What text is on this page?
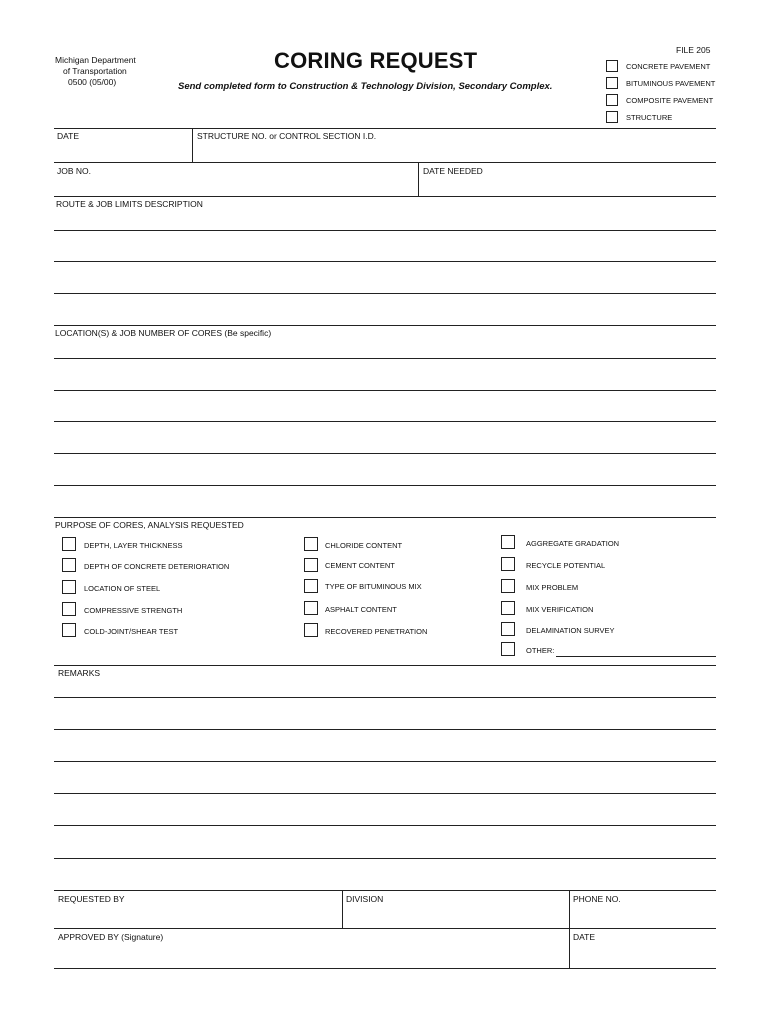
Michigan Department
of Transportation
0500 (05/00)
CORING REQUEST
Send completed form to Construction & Technology Division, Secondary Complex.
FILE 205
CONCRETE PAVEMENT
BITUMINOUS PAVEMENT
COMPOSITE PAVEMENT
STRUCTURE
DATE	STRUCTURE NO. or CONTROL SECTION I.D.
JOB NO.	DATE NEEDED
ROUTE & JOB LIMITS DESCRIPTION
LOCATION(S) & JOB NUMBER OF CORES (Be specific)
PURPOSE OF CORES, ANALYSIS REQUESTED
DEPTH, LAYER THICKNESS
DEPTH OF CONCRETE DETERIORATION
LOCATION OF STEEL
COMPRESSIVE STRENGTH
COLD-JOINT/SHEAR TEST
CHLORIDE CONTENT
CEMENT CONTENT
TYPE OF BITUMINOUS MIX
ASPHALT CONTENT
RECOVERED PENETRATION
AGGREGATE GRADATION
RECYCLE POTENTIAL
MIX PROBLEM
MIX VERIFICATION
DELAMINATION SURVEY
OTHER:
REMARKS
REQUESTED BY	DIVISION	PHONE NO.
APPROVED BY (Signature)	DATE
